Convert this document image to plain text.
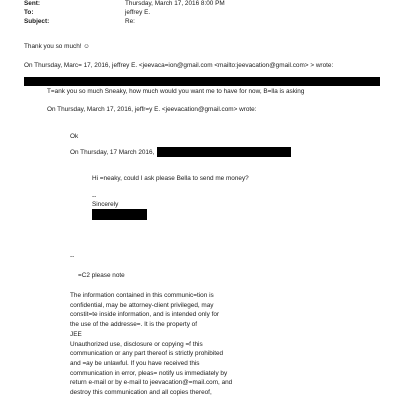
Sent:	Thursday, March 17, 2016 8:00 PM
To:	jeffrey E.
Subject:	Re:
Thank you so much! ☺
On Thursday, Marc= 17, 2016, jeffrey E. <jeevaca=ion@gmail.com <mailto:jeevacation@gmail.com> > wrote:
T=ank you so much Sneaky, how much would you want me to have for now, B=lla is asking
On Thursday, March 17, 2016, jeffr=y E. <jeevacation@gmail.com> wrote:
Ok
On Thursday, 17 March 2016,
Hi =neaky, could I ask please Bella to send me money?
--
Sincerely
--
=C2 please note
The information contained in this communic=tion is
confidential, may be attorney-client privileged, may
constit=te inside information, and is intended only for
the use of the addresse=. It is the property of
JEE
Unauthorized use, disclosure or copying =f this
communication or any part thereof is strictly prohibited
and =ay be unlawful. If you have received this
communication in error, pleas= notify us immediately by
return e-mail or by e-mail to jeevacation@=mail.com, and
destroy this communication and all copies thereof,
